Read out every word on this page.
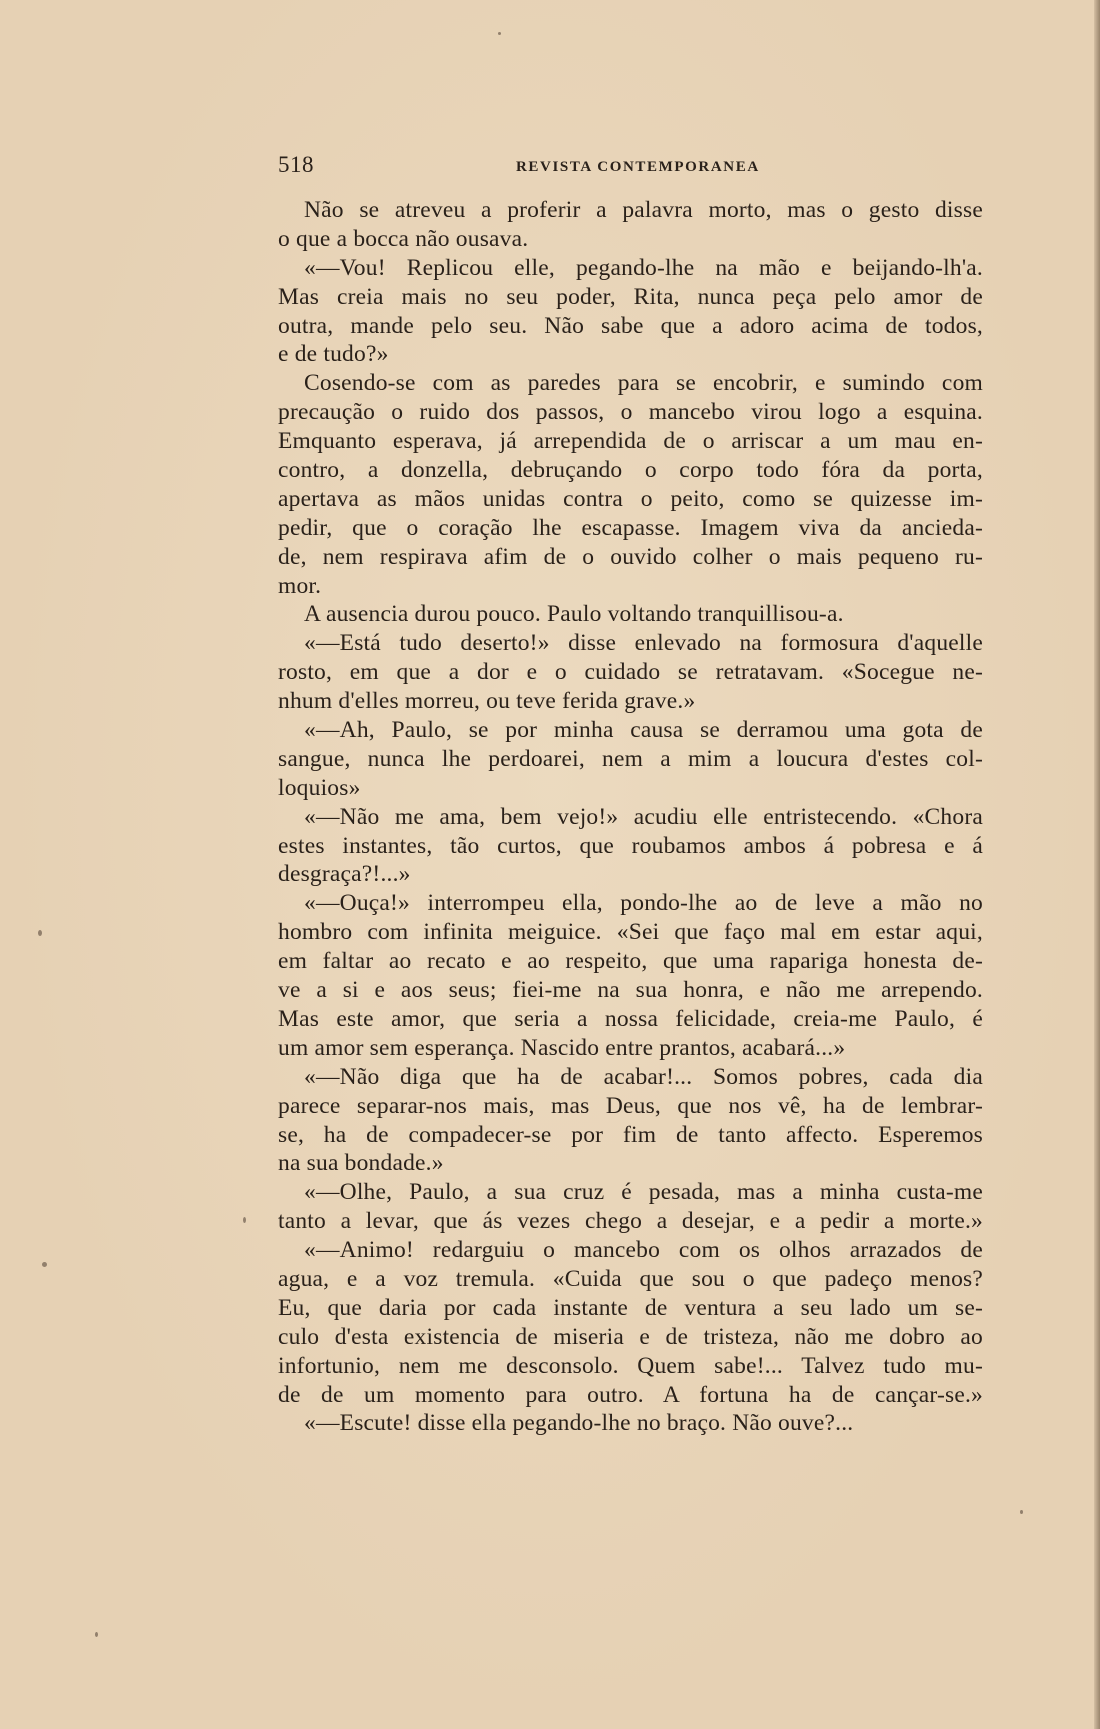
518	REVISTA CONTEMPORANEA
Não se atreveu a proferir a palavra morto, mas o gesto disse
o que a bocca não ousava.
«—Vou! Replicou elle, pegando-lhe na mão e beijando-lh'a.
Mas creia mais no seu poder, Rita, nunca peça pelo amor de
outra, mande pelo seu. Não sabe que a adoro acima de todos,
e de tudo?»
Cosendo-se com as paredes para se encobrir, e sumindo com
precaução o ruido dos passos, o mancebo virou logo a esquina.
Emquanto esperava, já arrependida de o arriscar a um mau en-
contro, a donzella, debruçando o corpo todo fóra da porta,
apertava as mãos unidas contra o peito, como se quizesse im-
pedir, que o coração lhe escapasse. Imagem viva da ancieda-
de, nem respirava afim de o ouvido colher o mais pequeno ru-
mor.
A ausencia durou pouco. Paulo voltando tranquillisou-a.
«—Está tudo deserto!» disse enlevado na formosura d'aquelle
rosto, em que a dor e o cuidado se retratavam. «Socegue ne-
nhum d'elles morreu, ou teve ferida grave.»
«—Ah, Paulo, se por minha causa se derramou uma gota de
sangue, nunca lhe perdoarei, nem a mim a loucura d'estes col-
loquios»
«—Não me ama, bem vejo!» acudiu elle entristecendo. «Chora
estes instantes, tão curtos, que roubamos ambos á pobresa e á
desgraça?!...»
«—Ouça!» interrompeu ella, pondo-lhe ao de leve a mão no
hombro com infinita meiguice. «Sei que faço mal em estar aqui,
em faltar ao recato e ao respeito, que uma rapariga honesta de-
ve a si e aos seus; fiei-me na sua honra, e não me arrependo.
Mas este amor, que seria a nossa felicidade, creia-me Paulo, é
um amor sem esperança. Nascido entre prantos, acabará...»
«—Não diga que ha de acabar!... Somos pobres, cada dia
parece separar-nos mais, mas Deus, que nos vê, ha de lembrar-
se, ha de compadecer-se por fim de tanto affecto. Esperemos
na sua bondade.»
«—Olhe, Paulo, a sua cruz é pesada, mas a minha custa-me
tanto a levar, que ás vezes chego a desejar, e a pedir a morte.»
«—Animo! redarguiu o mancebo com os olhos arrazados de
agua, e a voz tremula. «Cuida que sou o que padeço menos?
Eu, que daria por cada instante de ventura a seu lado um se-
culo d'esta existencia de miseria e de tristeza, não me dobro ao
infortunio, nem me desconsolo. Quem sabe!... Talvez tudo mu-
de de um momento para outro. A fortuna ha de cançar-se.»
«—Escute! disse ella pegando-lhe no braço. Não ouve?...
